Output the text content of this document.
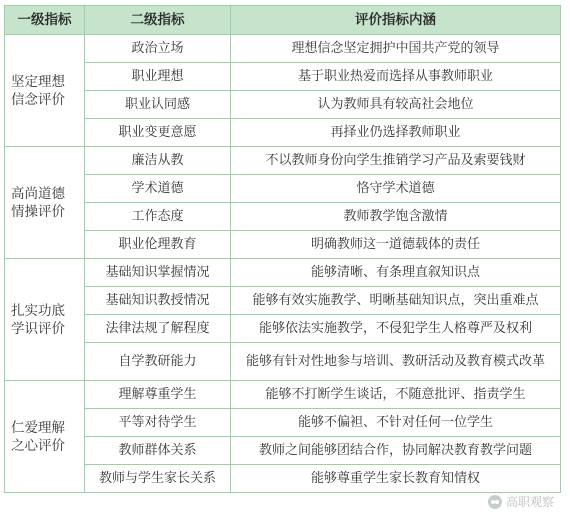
一级指标	二级指标	评价指标内涵

坚定理想
信念评价	政治立场	理想信念坚定拥护中国共产党的领导

	职业理想	基于职业热爱而选择从事教师职业

	职业认同感	认为教师具有较高社会地位

	职业变更意愿	再择业仍选择教师职业

高尚道德
情操评价	廉洁从教	不以教师身份向学生推销学习产品及索要钱财

	学术道德	恪守学术道德

	工作态度	教师教学饱含激情

	职业伦理教育	明确教师这一道德载体的责任

扎实功底
学识评价	基础知识掌握情况	能够清晰、有条理直叙知识点

	基础知识教授情况	能够有效实施教学、明晰基础知识点，突出重难点

	法律法规了解程度	能够依法实施教学，不侵犯学生人格尊严及权利

	自学教研能力	能够有针对性地参与培训、教研活动及教育模式改革

仁爱理解
之心评价	理解尊重学生	能够不打断学生谈话，不随意批评、指责学生

	平等对待学生	能够不偏袒、不针对任何一位学生

	教师群体关系	教师之间能够团结合作，协同解决教育教学问题

	教师与学生家长关系	能够尊重学生家长教育知情权
高职观察
